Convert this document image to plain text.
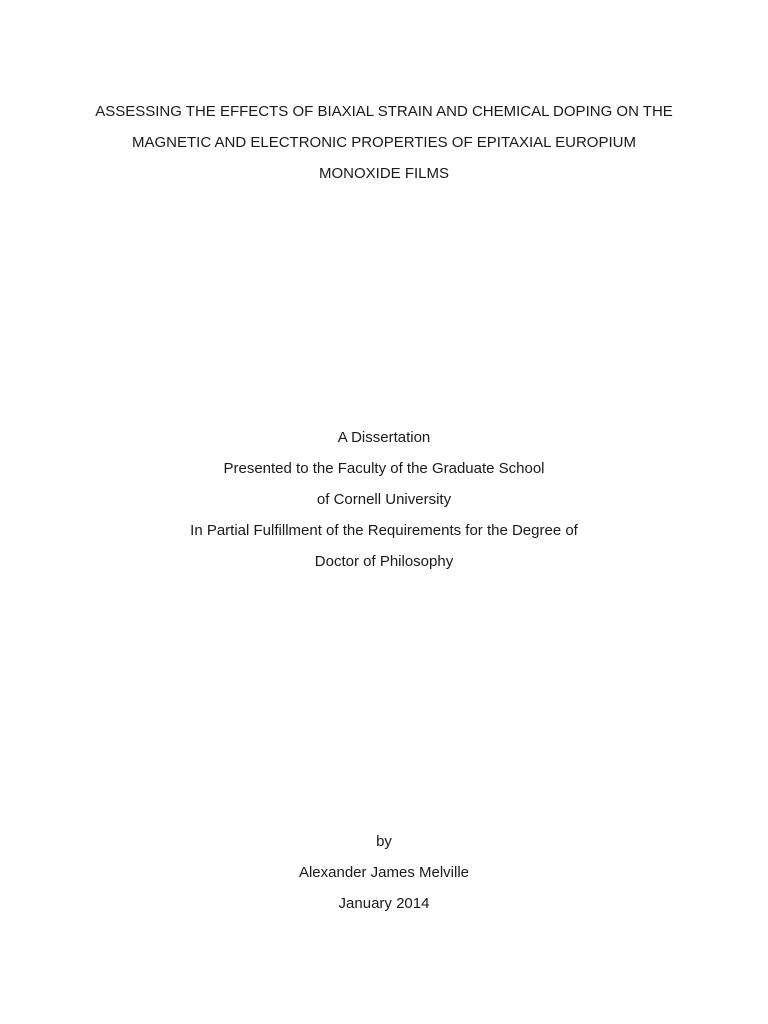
ASSESSING THE EFFECTS OF BIAXIAL STRAIN AND CHEMICAL DOPING ON THE
MAGNETIC AND ELECTRONIC PROPERTIES OF EPITAXIAL EUROPIUM
MONOXIDE FILMS
A Dissertation
Presented to the Faculty of the Graduate School
of Cornell University
In Partial Fulfillment of the Requirements for the Degree of
Doctor of Philosophy
by
Alexander James Melville
January 2014
